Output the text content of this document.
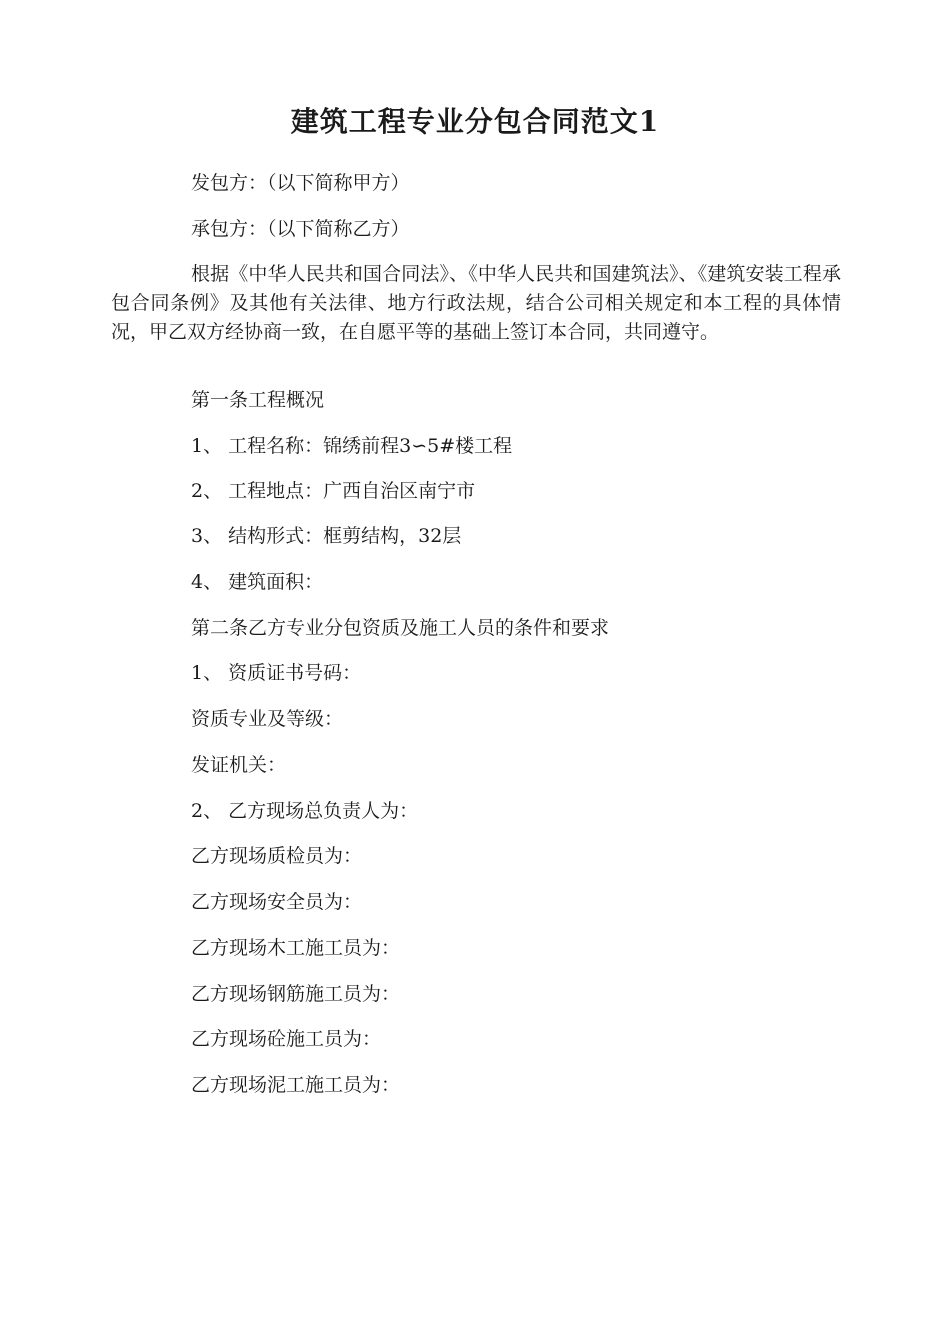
建筑工程专业分包合同范文1
发包方：（以下简称甲方）
承包方：（以下简称乙方）
根据《中华人民共和国合同法》、《中华人民共和国建筑法》、《建筑安装工程承包合同条例》及其他有关法律、地方行政法规，结合公司相关规定和本工程的具体情况，甲乙双方经协商一致，在自愿平等的基础上签订本合同，共同遵守。
第一条工程概况
1、 工程名称：锦绣前程3∽5#楼工程
2、 工程地点：广西自治区南宁市
3、 结构形式：框剪结构，32层
4、 建筑面积：
第二条乙方专业分包资质及施工人员的条件和要求
1、 资质证书号码：
资质专业及等级：
发证机关：
2、 乙方现场总负责人为：
乙方现场质检员为：
乙方现场安全员为：
乙方现场木工施工员为：
乙方现场钢筋施工员为：
乙方现场砼施工员为：
乙方现场泥工施工员为：
